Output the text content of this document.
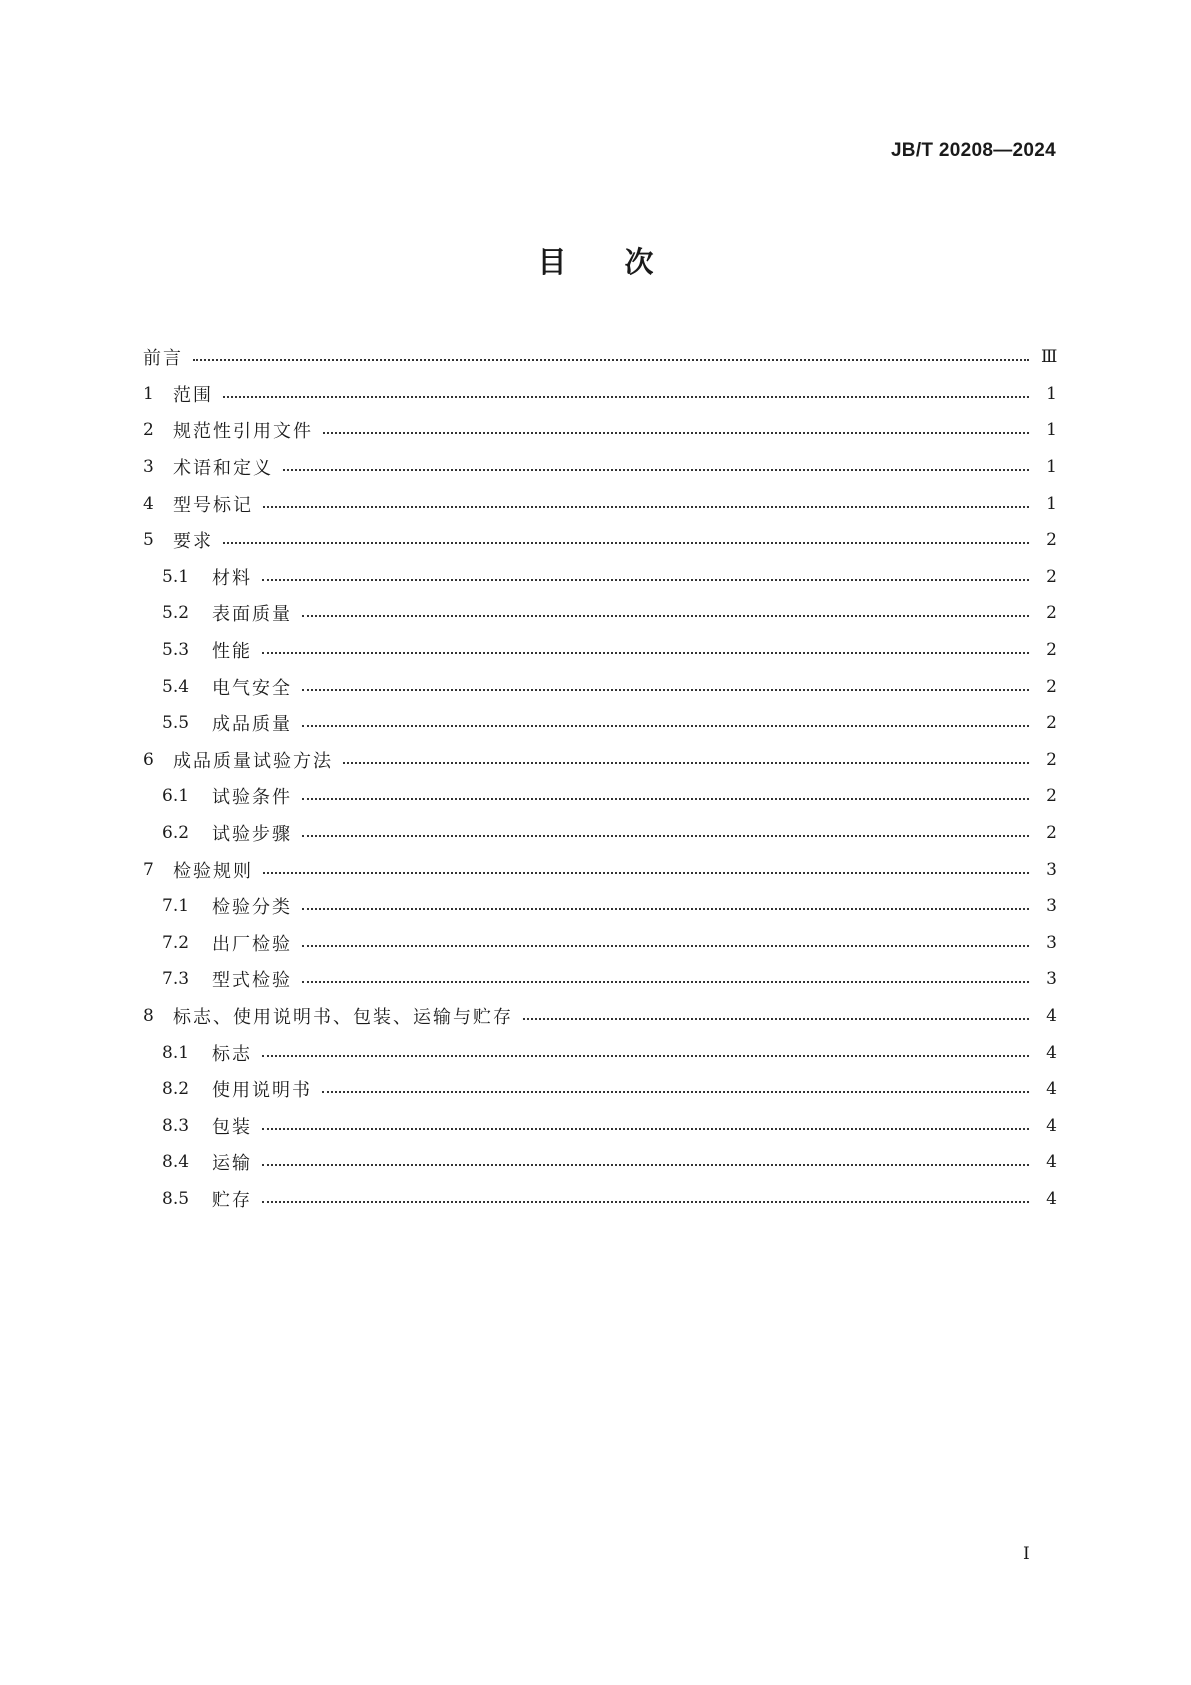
JB/T 20208—2024
目 次
前言	Ⅲ
1	范围	1
2	规范性引用文件	1
3	术语和定义	1
4	型号标记	1
5	要求	2
5.1	材料	2
5.2	表面质量	2
5.3	性能	2
5.4	电气安全	2
5.5	成品质量	2
6	成品质量试验方法	2
6.1	试验条件	2
6.2	试验步骤	2
7	检验规则	3
7.1	检验分类	3
7.2	出厂检验	3
7.3	型式检验	3
8	标志、使用说明书、包装、运输与贮存	4
8.1	标志	4
8.2	使用说明书	4
8.3	包装	4
8.4	运输	4
8.5	贮存	4
I
